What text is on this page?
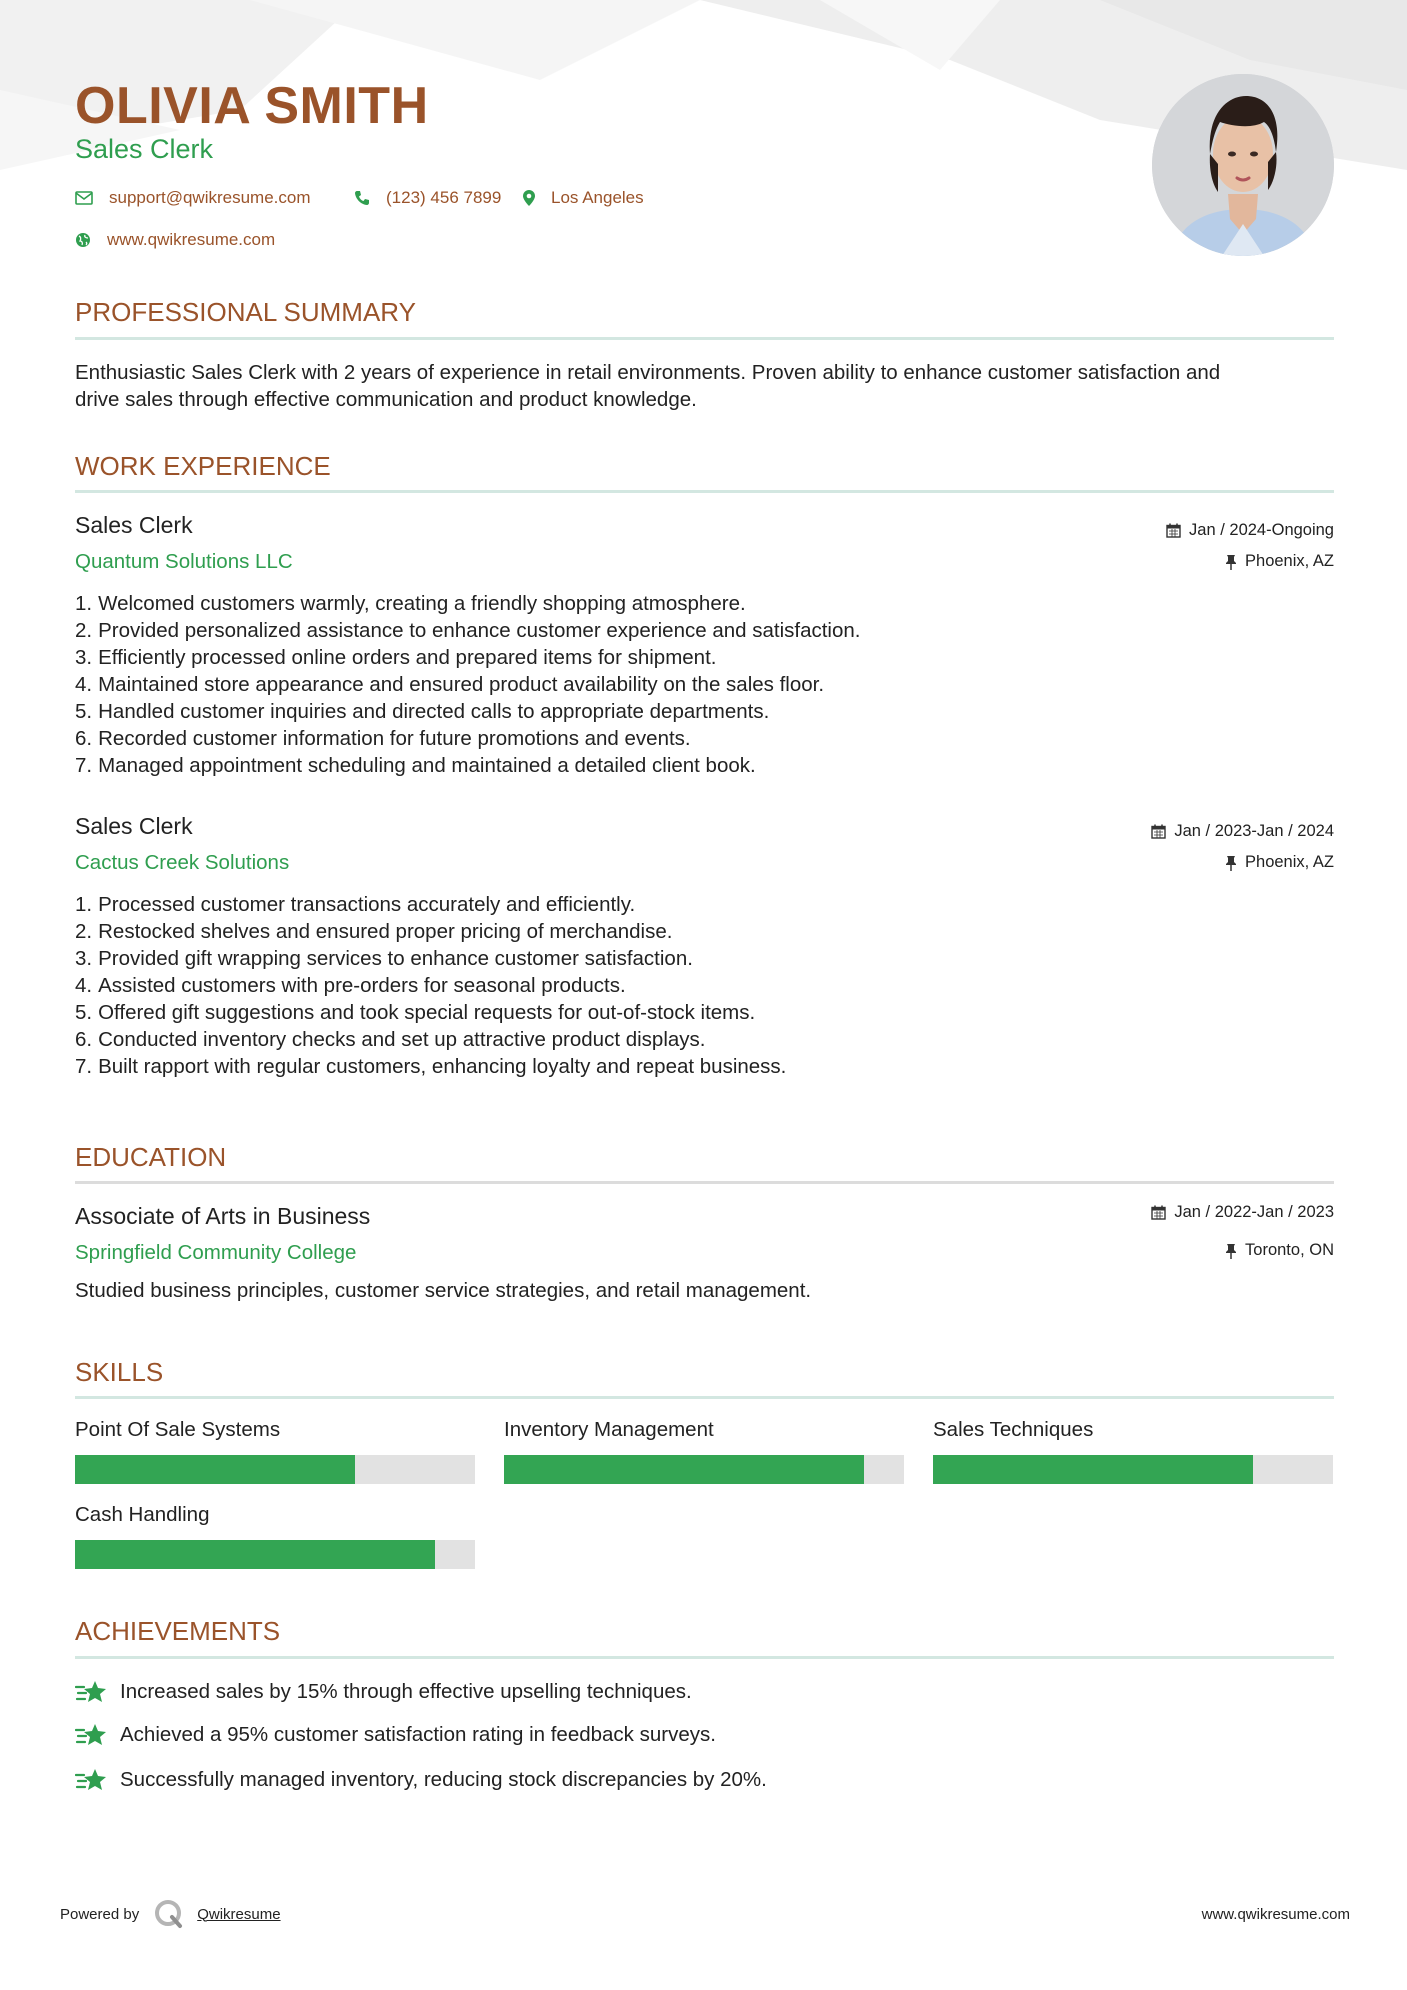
OLIVIA SMITH
Sales Clerk
support@qwikresume.com	(123) 456 7899	Los Angeles
www.qwikresume.com
PROFESSIONAL SUMMARY
Enthusiastic Sales Clerk with 2 years of experience in retail environments. Proven ability to enhance customer satisfaction and drive sales through effective communication and product knowledge.
WORK EXPERIENCE
Sales Clerk
Quantum Solutions LLC
Jan / 2024-Ongoing
Phoenix, AZ
1. Welcomed customers warmly, creating a friendly shopping atmosphere.
2. Provided personalized assistance to enhance customer experience and satisfaction.
3. Efficiently processed online orders and prepared items for shipment.
4. Maintained store appearance and ensured product availability on the sales floor.
5. Handled customer inquiries and directed calls to appropriate departments.
6. Recorded customer information for future promotions and events.
7. Managed appointment scheduling and maintained a detailed client book.
Sales Clerk
Cactus Creek Solutions
Jan / 2023-Jan / 2024
Phoenix, AZ
1. Processed customer transactions accurately and efficiently.
2. Restocked shelves and ensured proper pricing of merchandise.
3. Provided gift wrapping services to enhance customer satisfaction.
4. Assisted customers with pre-orders for seasonal products.
5. Offered gift suggestions and took special requests for out-of-stock items.
6. Conducted inventory checks and set up attractive product displays.
7. Built rapport with regular customers, enhancing loyalty and repeat business.
EDUCATION
Associate of Arts in Business
Springfield Community College
Jan / 2022-Jan / 2023
Toronto, ON
Studied business principles, customer service strategies, and retail management.
SKILLS
Point Of Sale Systems	Inventory Management	Sales Techniques
Cash Handling
ACHIEVEMENTS
Increased sales by 15% through effective upselling techniques.
Achieved a 95% customer satisfaction rating in feedback surveys.
Successfully managed inventory, reducing stock discrepancies by 20%.
Powered by	Qwikresume	www.qwikresume.com
